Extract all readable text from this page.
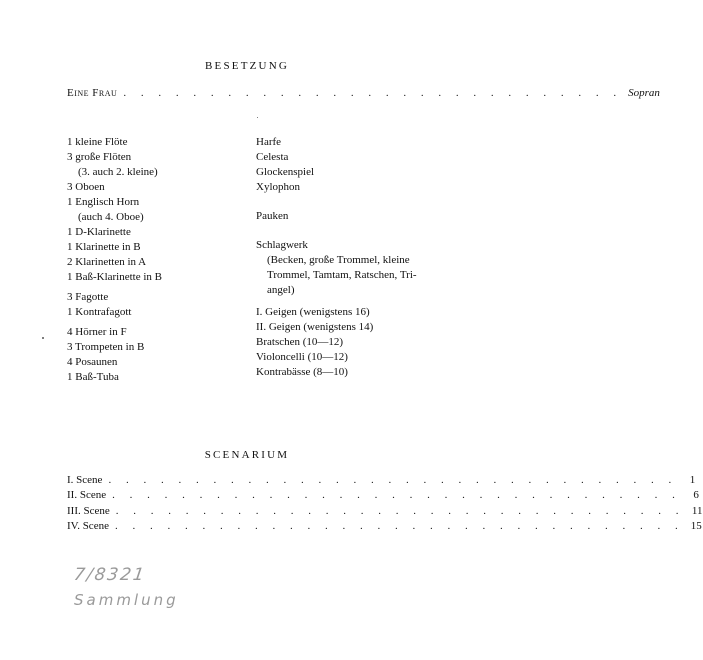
BESETZUNG
Eine Frau . . . . . . . . . . . . . . . . . . . . . . . . . . . . . Sopran
1 kleine Flöte
3 große Flöten
(3. auch 2. kleine)
3 Oboen
1 Englisch Horn
(auch 4. Oboe)
1 D-Klarinette
1 Klarinette in B
2 Klarinetten in A
1 Baß-Klarinette in B
3 Fagotte
1 Kontrafagott
4 Hörner in F
3 Trompeten in B
4 Posaunen
1 Baß-Tuba
Harfe
Celesta
Glockenspiel
Xylophon
Pauken
Schlagwerk
(Becken, große Trommel, kleine
Trommel, Tamtam, Ratschen, Tri-
angel)
I. Geigen (wenigstens 16)
II. Geigen (wenigstens 14)
Bratschen (10—12)
Violoncelli (10—12)
Kontrabässe (8—10)
SCENARIUM
I. Scene . . . . . . . . . . . . . . . . . . . . . . . . . . . . . . . . .	1
II. Scene . . . . . . . . . . . . . . . . . . . . . . . . . . . . . . . . .	6
III. Scene . . . . . . . . . . . . . . . . . . . . . . . . . . . . . . . . . 11
IV. Scene . . . . . . . . . . . . . . . . . . . . . . . . . . . . . . . . . 15
7/8321
Sammlung
